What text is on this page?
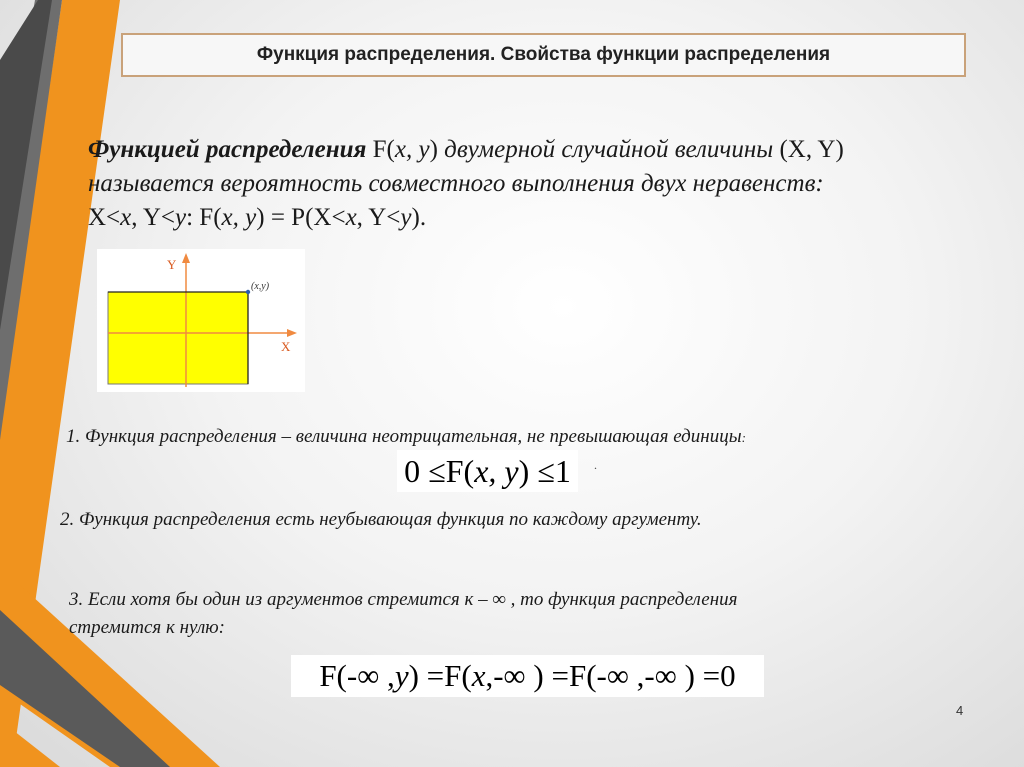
Функция распределения. Свойства функции распределения
Функцией распределения F(x, y) двумерной случайной величины (X, Y)
называется вероятность совместного выполнения двух неравенств:
X<x, Y<y: F(x, y) = P(X<x, Y<y).
Y
X
(x,y)
1. Функция распределения – величина неотрицательная, не превышающая единицы:
0 ≤F( x, y ) ≤1 .
2. Функция распределения есть неубывающая функция по каждому аргументу.
3. Если хотя бы один из аргументов стремится к – ∞ , то функция распределения
стремится к нулю:
F(-∞ , y ) =F( x ,-∞ ) =F(-∞ ,-∞ ) =0
4
